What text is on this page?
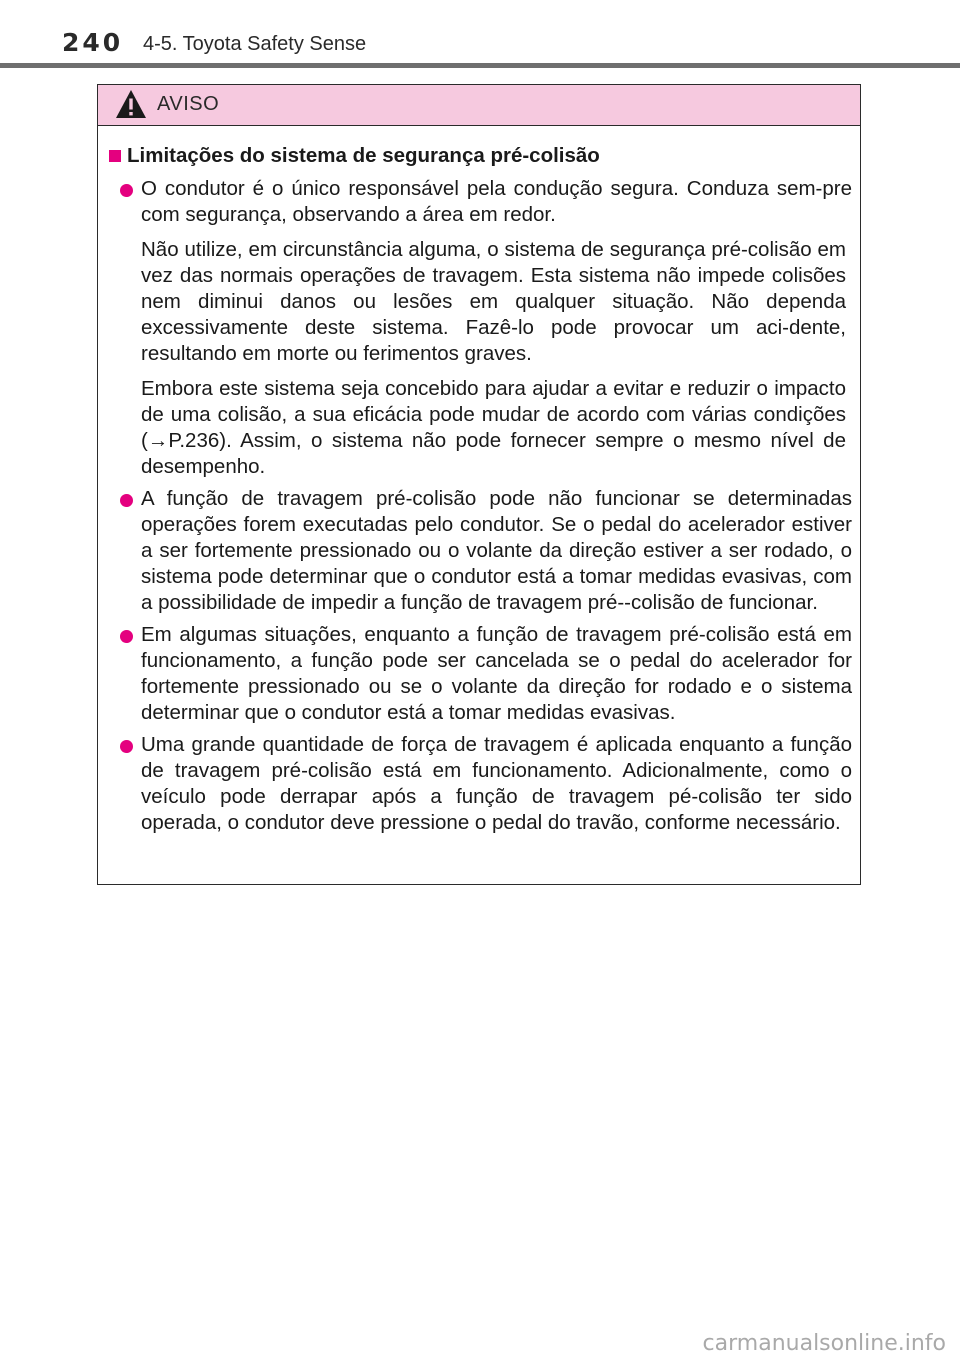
240 4-5. Toyota Safety Sense
AVISO
Limitações do sistema de segurança pré-colisão

O condutor é o único responsável pela condução segura. Conduza sem-pre com segurança, observando a área em redor.

Não utilize, em circunstância alguma, o sistema de segurança pré-colisão em vez das normais operações de travagem. Esta sistema não impede colisões nem diminui danos ou lesões em qualquer situação. Não dependa excessivamente deste sistema. Fazê-lo pode provocar um aci-dente, resultando em morte ou ferimentos graves.

Embora este sistema seja concebido para ajudar a evitar e reduzir o impacto de uma colisão, a sua eficácia pode mudar de acordo com várias condições (→P.236). Assim, o sistema não pode fornecer sempre o mesmo nível de desempenho.

A função de travagem pré-colisão pode não funcionar se determinadas operações forem executadas pelo condutor. Se o pedal do acelerador estiver a ser fortemente pressionado ou o volante da direção estiver a ser rodado, o sistema pode determinar que o condutor está a tomar medidas evasivas, com a possibilidade de impedir a função de travagem pré--colisão de funcionar.

Em algumas situações, enquanto a função de travagem pré-colisão está em funcionamento, a função pode ser cancelada se o pedal do acelerador for fortemente pressionado ou se o volante da direção for rodado e o sistema determinar que o condutor está a tomar medidas evasivas.

Uma grande quantidade de força de travagem é aplicada enquanto a função de travagem pré-colisão está em funcionamento. Adicionalmente, como o veículo pode derrapar após a função de travagem pé-colisão ter sido operada, o condutor deve pressione o pedal do travão, conforme necessário.

carmanualsonline.info
